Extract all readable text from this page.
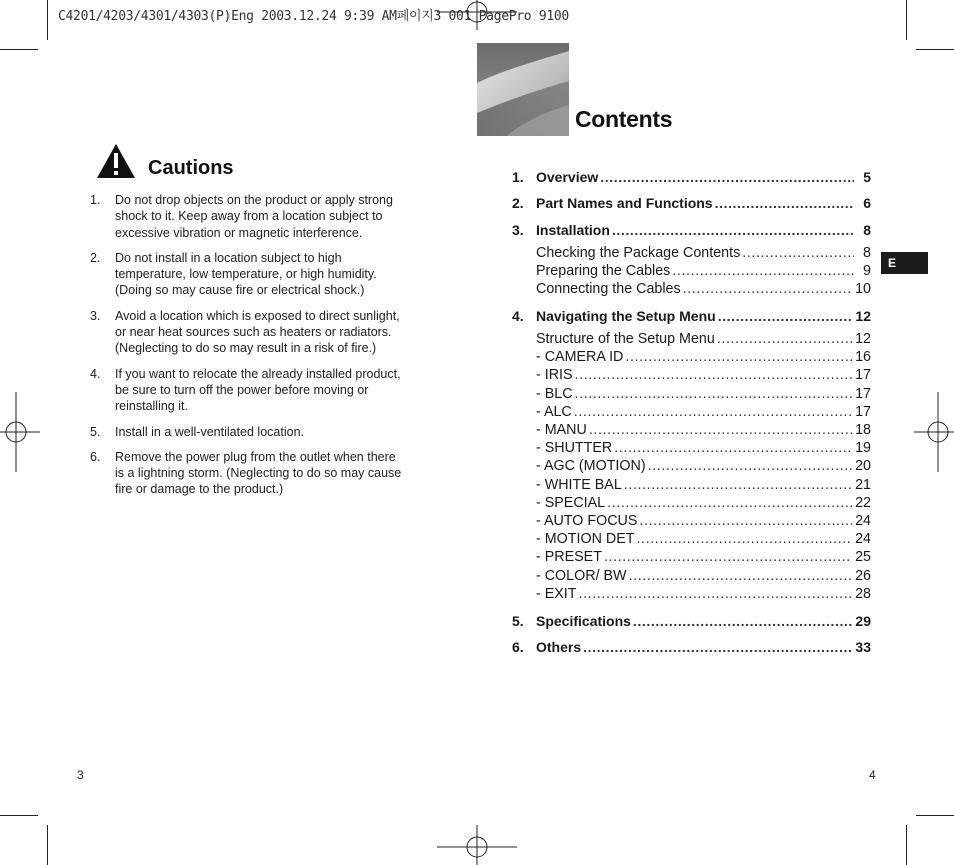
C4201/4203/4301/4303(P)Eng 2003.12.24 9:39 AM페이지3 001 PagePro 9100
Cautions
1. Do not drop objects on the product or apply strong
shock to it. Keep away from a location subject to
excessive vibration or magnetic interference.
2. Do not install in a location subject to high
temperature, low temperature, or high humidity.
(Doing so may cause fire or electrical shock.)
3. Avoid a location which is exposed to direct sunlight,
or near heat sources such as heaters or radiators.
(Neglecting to do so may result in a risk of fire.)
4. If you want to relocate the already installed product,
be sure to turn off the power before moving or
reinstalling it.
5. Install in a well-ventilated location.
6. Remove the power plug from the outlet when there
is a lightning storm. (Neglecting to do so may cause
fire or damage to the product.)
3
Contents
1. Overview .....	5
2. Part Names and Functions .....	6
3. Installation .....	8
Checking the Package Contents .....	8
Preparing the Cables .....	9
Connecting the Cables .....	10
4. Navigating the Setup Menu .....	12
Structure of the Setup Menu .....	12
- CAMERA ID .....	16
- IRIS .....	17
- BLC .....	17
- ALC .....	17
- MANU .....	18
- SHUTTER .....	19
- AGC (MOTION) .....	20
- WHITE BAL .....	21
- SPECIAL .....	22
- AUTO FOCUS .....	24
- MOTION DET .....	24
- PRESET .....	25
- COLOR/ BW .....	26
- EXIT .....	28
5. Specifications .....	29
6. Others .....	33
E
4
